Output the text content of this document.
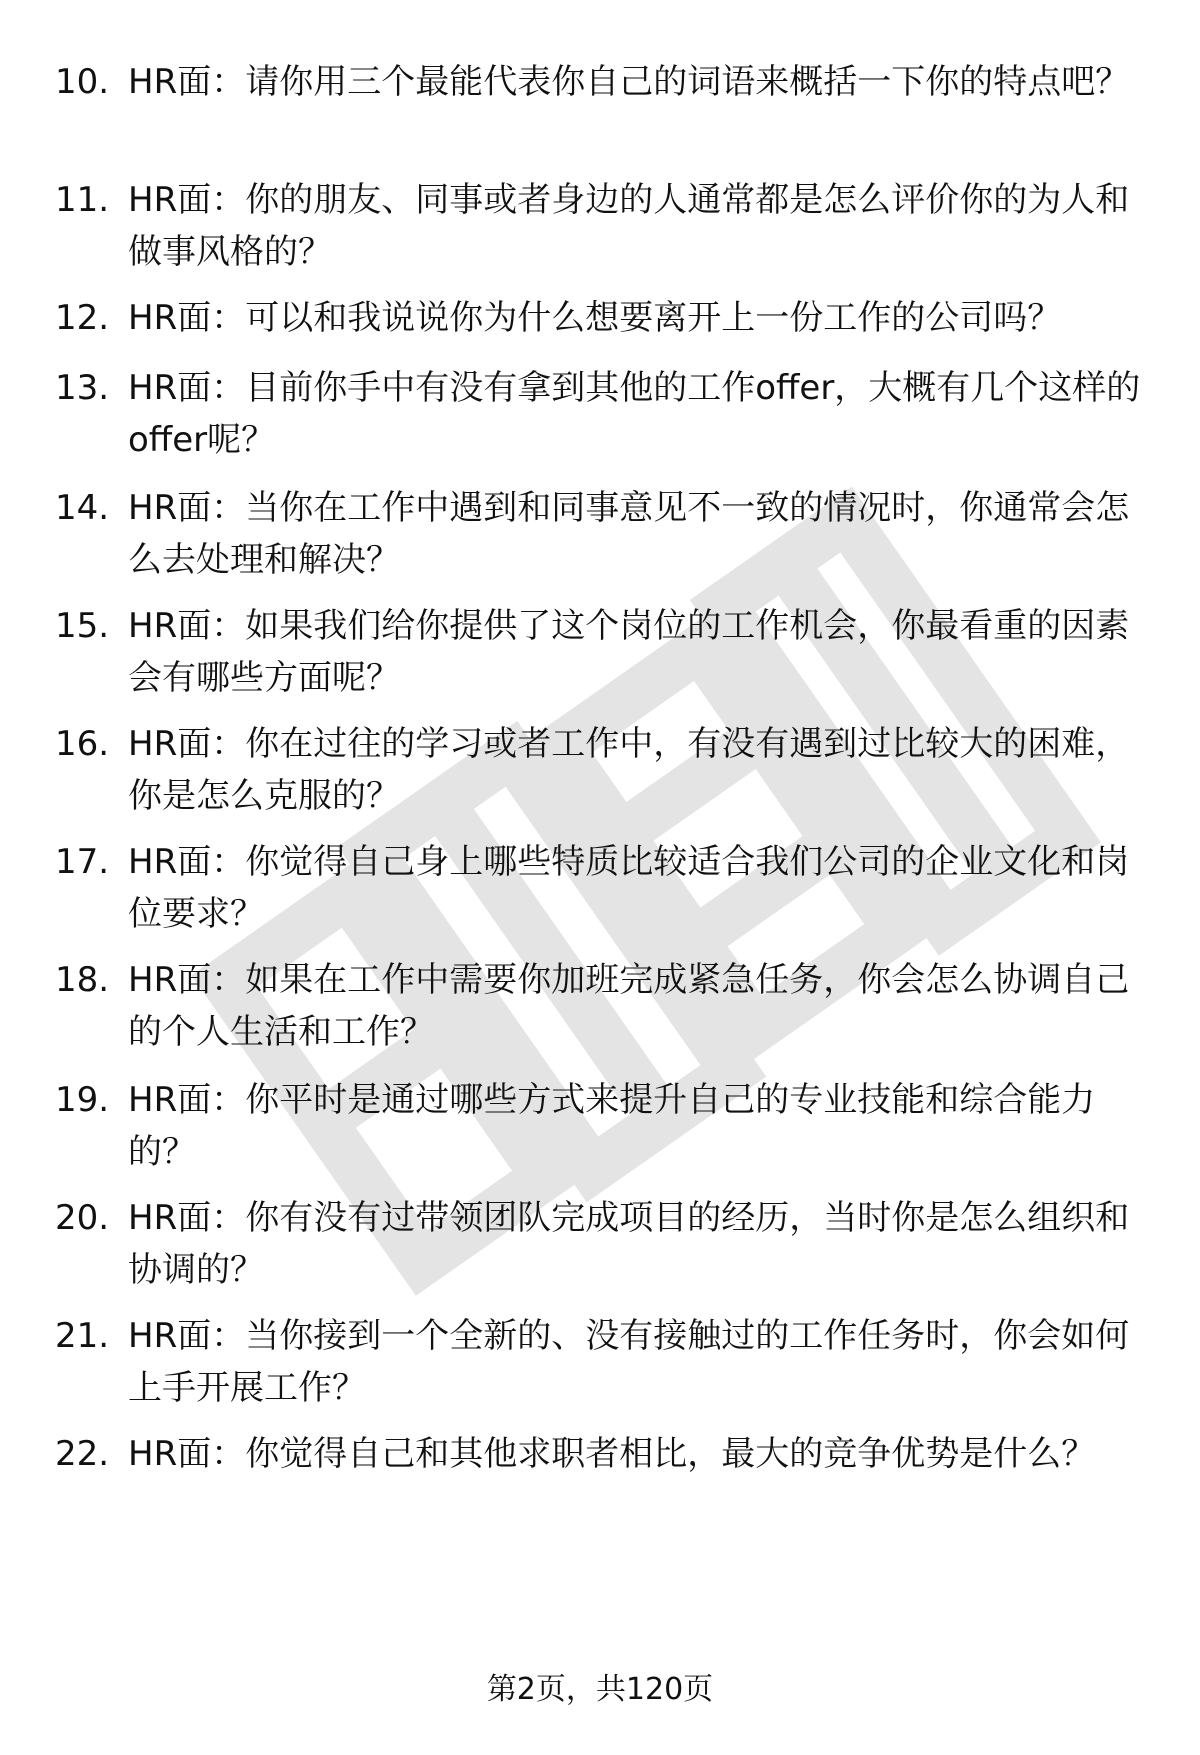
10. HR面：请你用三个最能代表你自己的词语来概括一下你的特点吧？
11. HR面：你的朋友、同事或者身边的人通常都是怎么评价你的为人和做事风格的？
12. HR面：可以和我说说你为什么想要离开上一份工作的公司吗？
13. HR面：目前你手中有没有拿到其他的工作offer，大概有几个这样的offer呢？
14. HR面：当你在工作中遇到和同事意见不一致的情况时，你通常会怎么去处理和解决？
15. HR面：如果我们给你提供了这个岗位的工作机会，你最看重的因素会有哪些方面呢？
16. HR面：你在过往的学习或者工作中，有没有遇到过比较大的困难，你是怎么克服的？
17. HR面：你觉得自己身上哪些特质比较适合我们公司的企业文化和岗位要求？
18. HR面：如果在工作中需要你加班完成紧急任务，你会怎么协调自己的个人生活和工作？
19. HR面：你平时是通过哪些方式来提升自己的专业技能和综合能力的？
20. HR面：你有没有过带领团队完成项目的经历，当时你是怎么组织和协调的？
21. HR面：当你接到一个全新的、没有接触过的工作任务时，你会如何上手开展工作？
22. HR面：你觉得自己和其他求职者相比，最大的竞争优势是什么？
第2页，共120页
